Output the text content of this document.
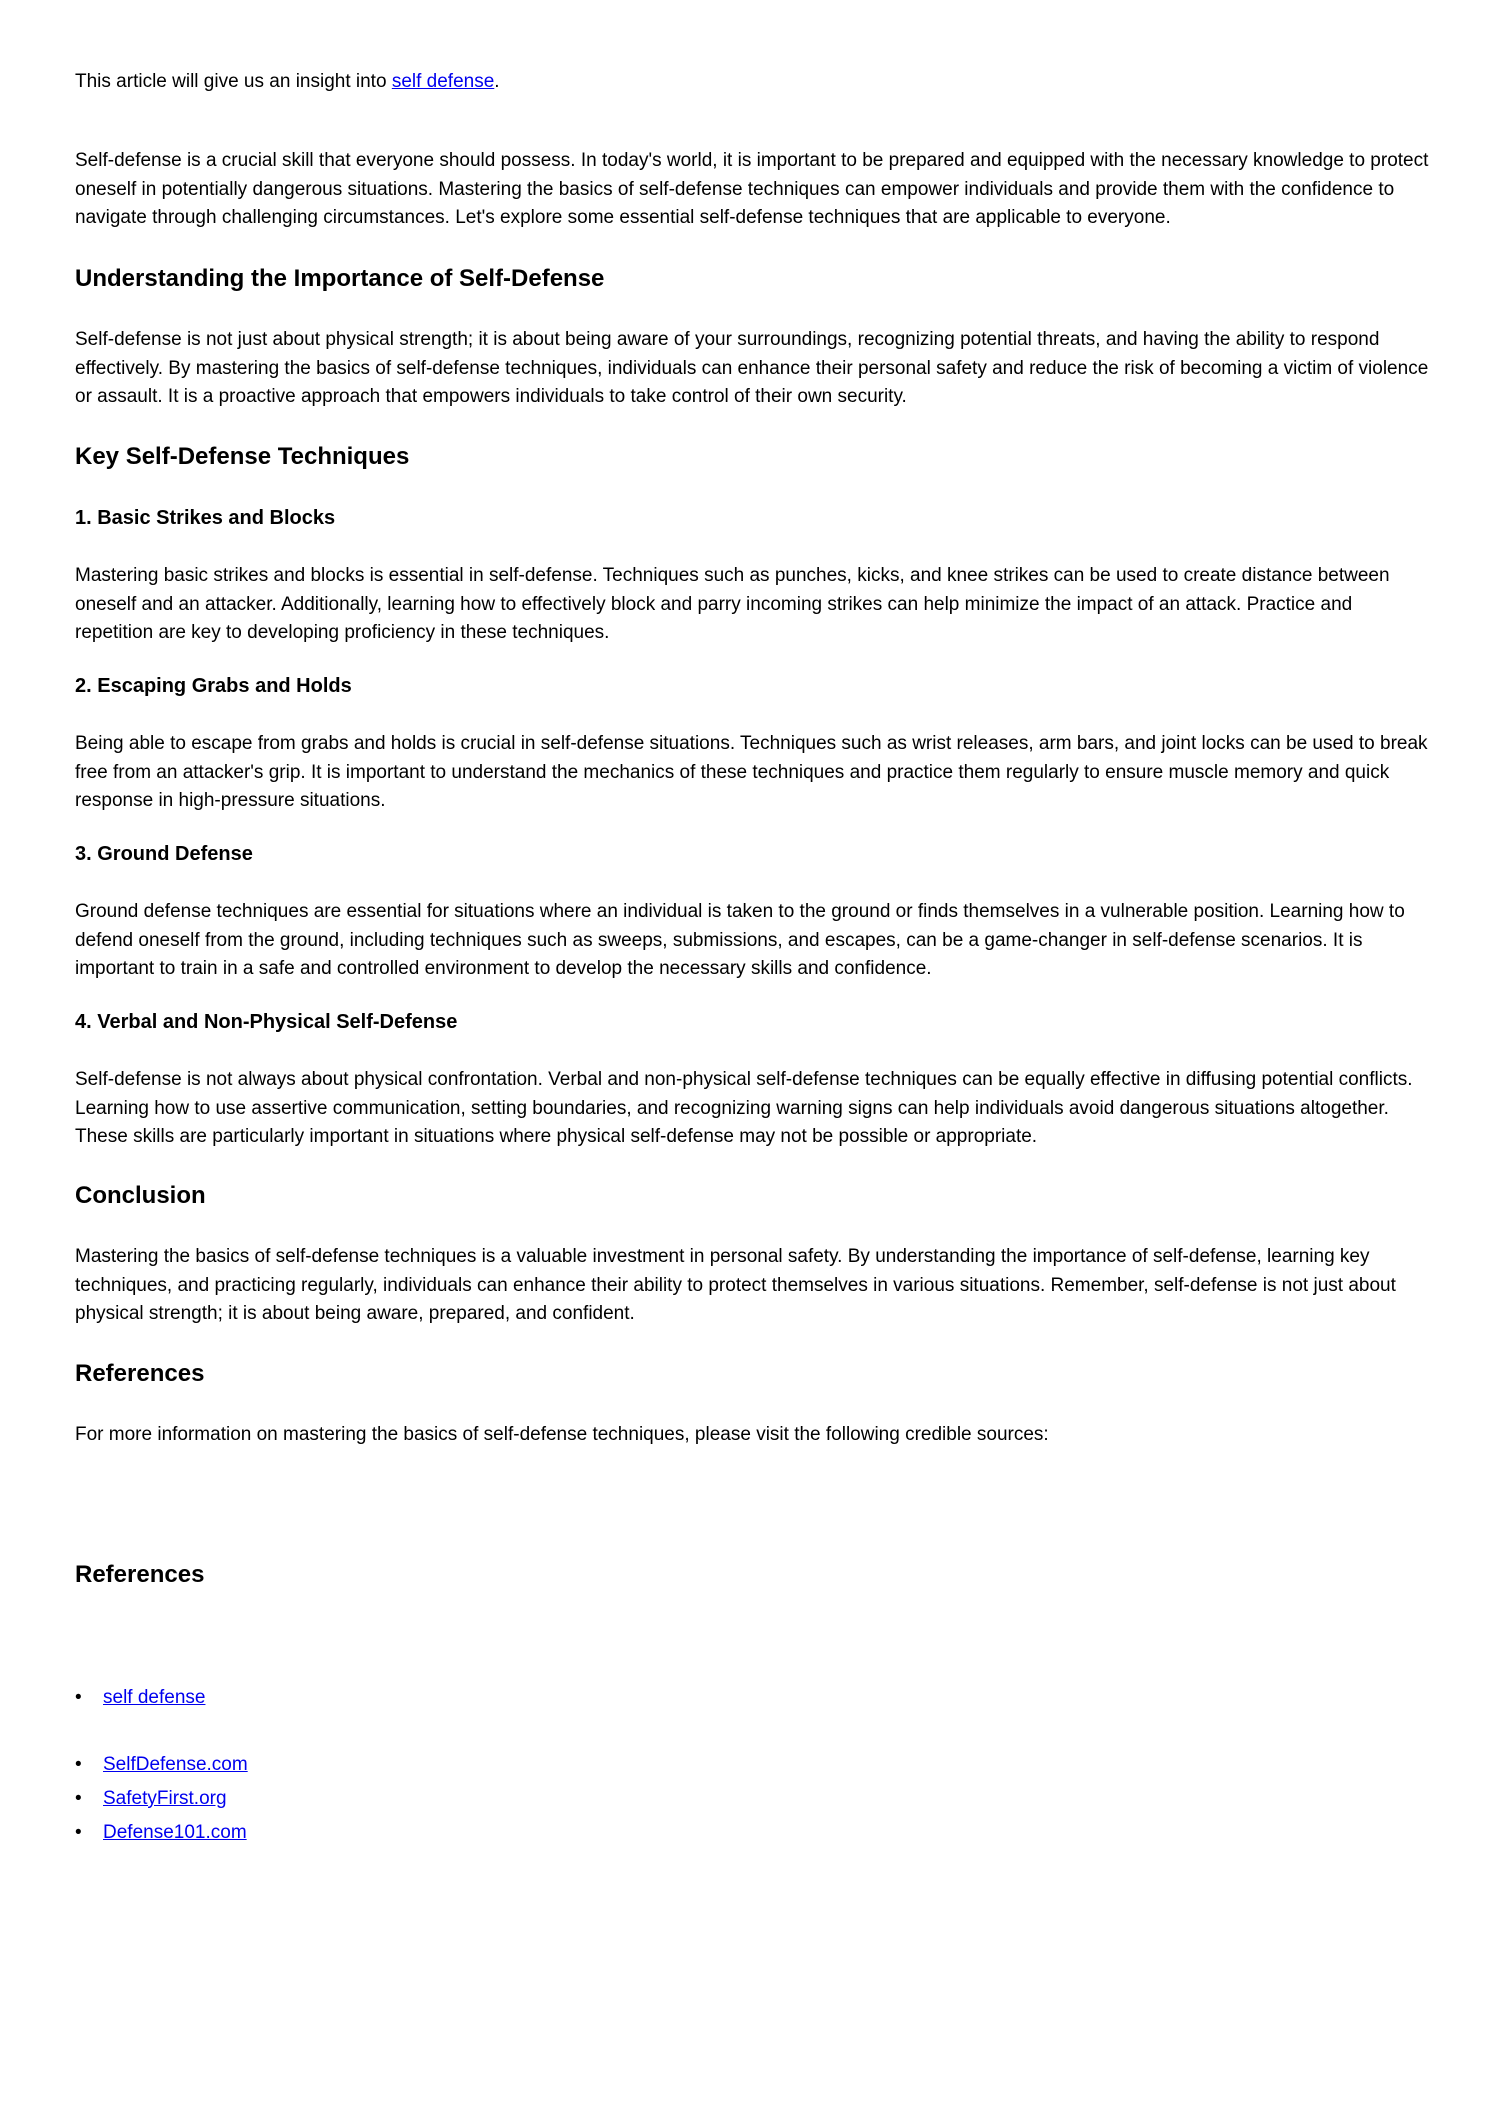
This article will give us an insight into self defense.

Self-defense is a crucial skill that everyone should possess. In today's world, it is important to be prepared and equipped with the necessary knowledge to protect oneself in potentially dangerous situations. Mastering the basics of self-defense techniques can empower individuals and provide them with the confidence to navigate through challenging circumstances. Let's explore some essential self-defense techniques that are applicable to everyone.

Understanding the Importance of Self-Defense

Self-defense is not just about physical strength; it is about being aware of your surroundings, recognizing potential threats, and having the ability to respond effectively. By mastering the basics of self-defense techniques, individuals can enhance their personal safety and reduce the risk of becoming a victim of violence or assault. It is a proactive approach that empowers individuals to take control of their own security.

Key Self-Defense Techniques
1. Basic Strikes and Blocks

Mastering basic strikes and blocks is essential in self-defense. Techniques such as punches, kicks, and knee strikes can be used to create distance between oneself and an attacker. Additionally, learning how to effectively block and parry incoming strikes can help minimize the impact of an attack. Practice and repetition are key to developing proficiency in these techniques.

2. Escaping Grabs and Holds

Being able to escape from grabs and holds is crucial in self-defense situations. Techniques such as wrist releases, arm bars, and joint locks can be used to break free from an attacker's grip. It is important to understand the mechanics of these techniques and practice them regularly to ensure muscle memory and quick response in high-pressure situations.

3. Ground Defense

Ground defense techniques are essential for situations where an individual is taken to the ground or finds themselves in a vulnerable position. Learning how to defend oneself from the ground, including techniques such as sweeps, submissions, and escapes, can be a game-changer in self-defense scenarios. It is important to train in a safe and controlled environment to develop the necessary skills and confidence.

4. Verbal and Non-Physical Self-Defense

Self-defense is not always about physical confrontation. Verbal and non-physical self-defense techniques can be equally effective in diffusing potential conflicts. Learning how to use assertive communication, setting boundaries, and recognizing warning signs can help individuals avoid dangerous situations altogether. These skills are particularly important in situations where physical self-defense may not be possible or appropriate.

Conclusion

Mastering the basics of self-defense techniques is a valuable investment in personal safety. By understanding the importance of self-defense, learning key techniques, and practicing regularly, individuals can enhance their ability to protect themselves in various situations. Remember, self-defense is not just about physical strength; it is about being aware, prepared, and confident.

References

For more information on mastering the basics of self-defense techniques, please visit the following credible sources:

References
• self defense
• SelfDefense.com
• SafetyFirst.org
• Defense101.com
